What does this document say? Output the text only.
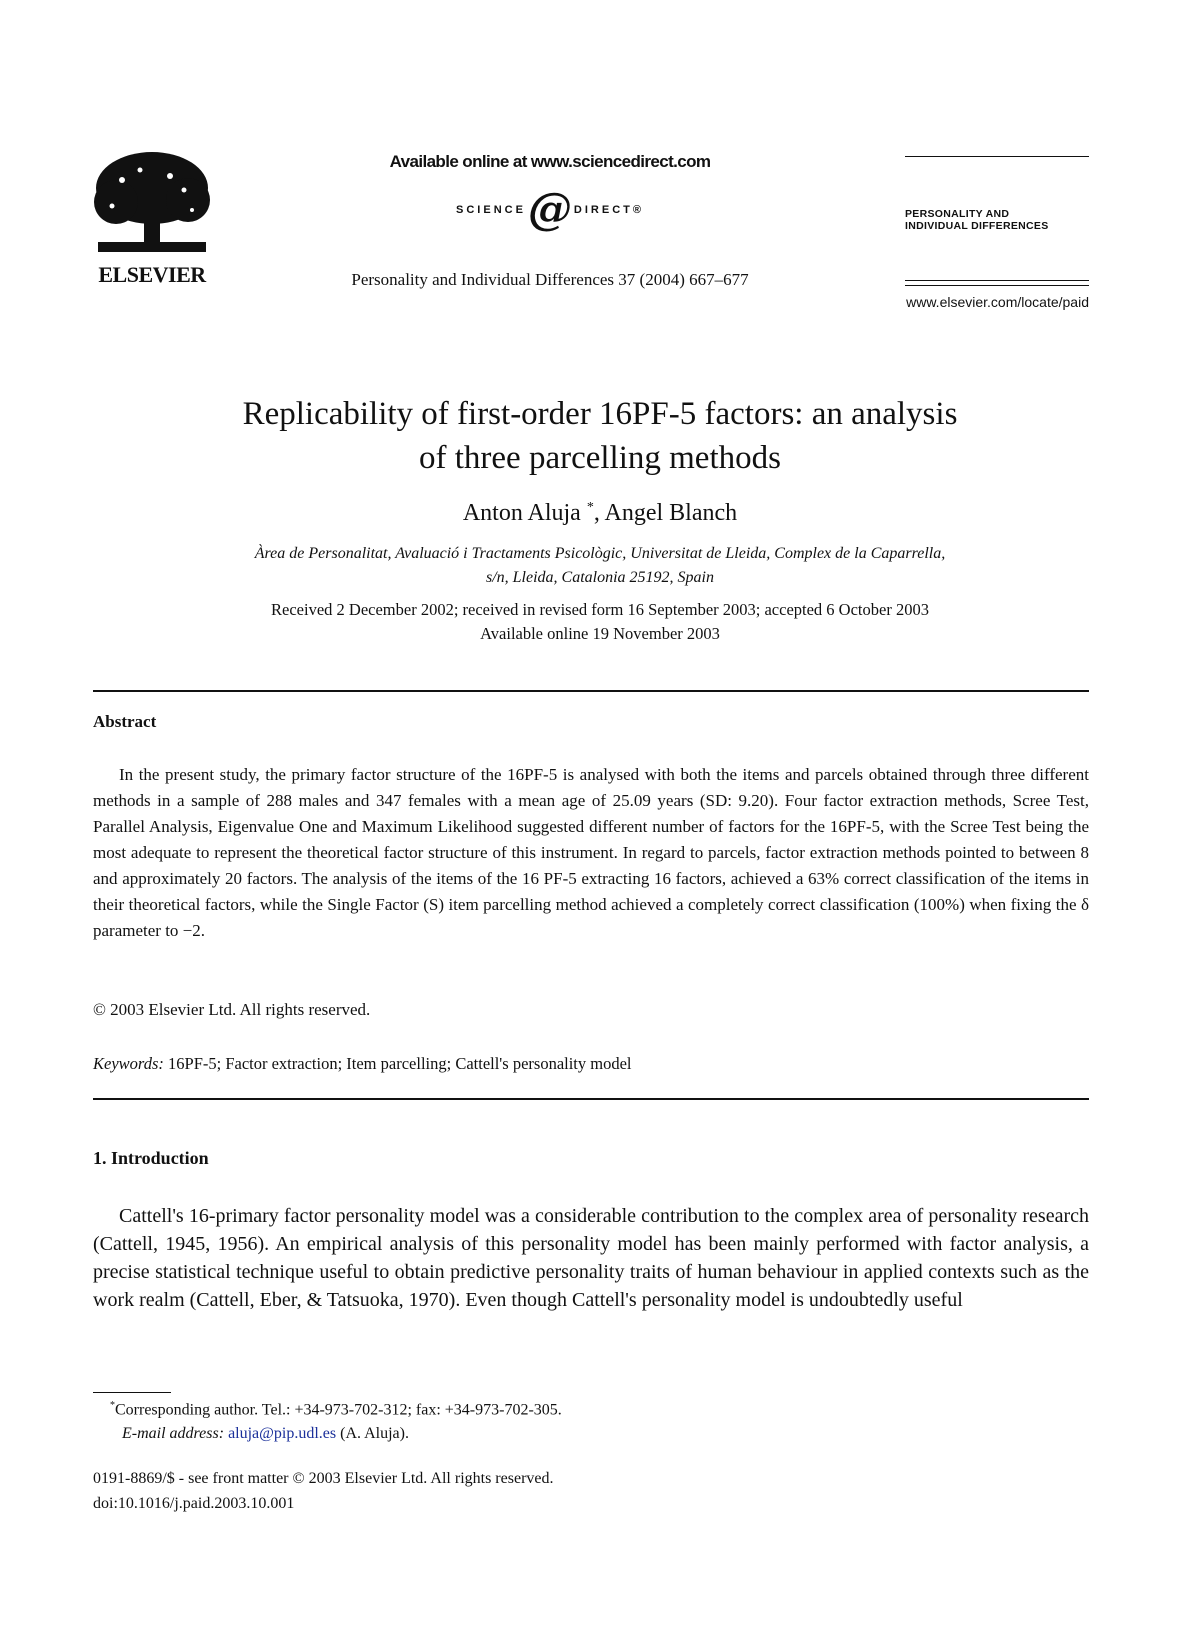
ELSEVIER
Available online at www.sciencedirect.com
SCIENCE @ DIRECT®
Personality and Individual Differences 37 (2004) 667–677
PERSONALITY AND
INDIVIDUAL DIFFERENCES
www.elsevier.com/locate/paid
Replicability of first-order 16PF-5 factors: an analysis
of three parcelling methods
Anton Aluja *, Angel Blanch
Àrea de Personalitat, Avaluació i Tractaments Psicològic, Universitat de Lleida, Complex de la Caparrella,
s/n, Lleida, Catalonia 25192, Spain
Received 2 December 2002; received in revised form 16 September 2003; accepted 6 October 2003
Available online 19 November 2003
Abstract

In the present study, the primary factor structure of the 16PF-5 is analysed with both the items and parcels obtained through three different methods in a sample of 288 males and 347 females with a mean age of 25.09 years (SD: 9.20). Four factor extraction methods, Scree Test, Parallel Analysis, Eigenvalue One and Maximum Likelihood suggested different number of factors for the 16PF-5, with the Scree Test being the most adequate to represent the theoretical factor structure of this instrument. In regard to parcels, factor extraction methods pointed to between 8 and approximately 20 factors. The analysis of the items of the 16 PF-5 extracting 16 factors, achieved a 63% correct classification of the items in their theoretical factors, while the Single Factor (S) item parcelling method achieved a completely correct classification (100%) when fixing the δ parameter to −2.

© 2003 Elsevier Ltd. All rights reserved.
Keywords: 16PF-5; Factor extraction; Item parcelling; Cattell's personality model
1. Introduction

Cattell's 16-primary factor personality model was a considerable contribution to the complex area of personality research (Cattell, 1945, 1956). An empirical analysis of this personality model has been mainly performed with factor analysis, a precise statistical technique useful to obtain predictive personality traits of human behaviour in applied contexts such as the work realm (Cattell, Eber, & Tatsuoka, 1970). Even though Cattell's personality model is undoubtedly useful

*Corresponding author. Tel.: +34-973-702-312; fax: +34-973-702-305.
E-mail address: aluja@pip.udl.es (A. Aluja).
0191-8869/$ - see front matter © 2003 Elsevier Ltd. All rights reserved.
doi:10.1016/j.paid.2003.10.001
